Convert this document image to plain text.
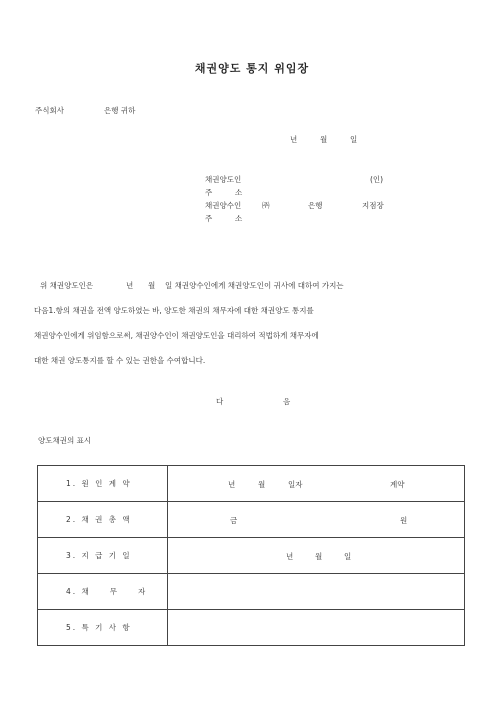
채권양도 통지 위임장
주식회사	은행 귀하
년	월	일
채권양도인	(인)
주	소
채권양수인	㈜	은행	지점장
주	소
위 채권양도인은	년 월 일 채권양수인에게 채권양도인이 귀사에 대하여 가지는
다음1.항의 채권을 전액 양도하였는 바, 양도한 채권의 채무자에 대한 채권양도 통지를
채권양수인에게 위임함으로써, 채권양수인이 채권양도인을 대리하여 적법하게 채무자에
대한 채권 양도통지를 할 수 있는 권한을 수여합니다.
다	음
양도채권의 표시
1. 원 인 계 약	년 월 일자 계약

2. 채 권 총 액	금 원

3. 지 급 기 일	년 월 일

4. 채　　무　　자	

5. 특 기 사 항	
